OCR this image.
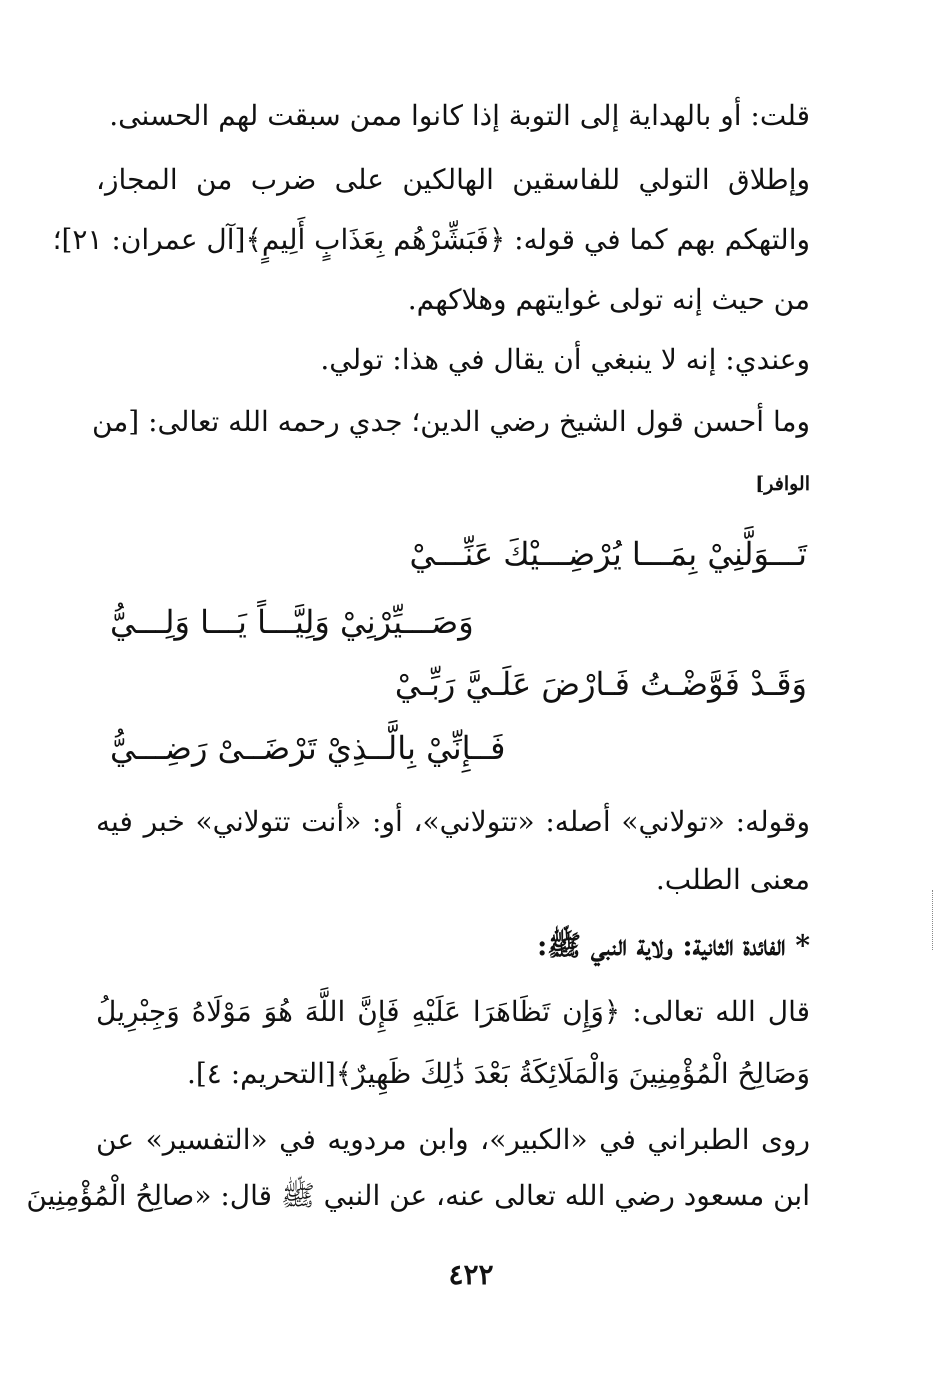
قلت: أو بالهداية إلى التوبة إذا كانوا ممن سبقت لهم الحسنى.
وإطلاق التولي للفاسقين الهالكين على ضرب من المجاز،
والتهكم بهم كما في قوله: ﴿فَبَشِّرْهُم بِعَذَابٍ أَلِيمٍ﴾[آل عمران: ٢١]؛
من حيث إنه تولى غوايتهم وهلاكهم.
وعندي: إنه لا ينبغي أن يقال في هذا: تولي.
وما أحسن قول الشيخ رضي الدين؛ جدي رحمه الله تعالى: [من
الوافر]
تَـــوَلَّنِيْ بِمَـــا يُرْضِـــيْكَ عَنِّـــيْ
وَصَـــيِّرْنِيْ وَلِيَّـــاً يَـــا وَلِـــيُّ
وَقَـدْ فَوَّضْـتُ فَـارْضَ عَلَـيَّ رَبِّـيْ
فَــإِنِّيْ بِالَّــذِيْ تَرْضَــىْ رَضِـــيُّ
وقوله: «تولاني» أصله: «تتولاني»، أو: «أنت تتولاني» خبر فيه
معنى الطلب.
* الفائدة الثانية: ولاية النبي ﷺ:
قال الله تعالى: ﴿وَإِن تَظَاهَرَا عَلَيْهِ فَإِنَّ اللَّهَ هُوَ مَوْلَاهُ وَجِبْرِيلُ
وَصَالِحُ الْمُؤْمِنِينَ وَالْمَلَائِكَةُ بَعْدَ ذَٰلِكَ ظَهِيرٌ﴾[التحريم: ٤].
روى الطبراني في «الكبير»، وابن مردويه في «التفسير» عن
ابن مسعود رضي الله تعالى عنه، عن النبي ﷺ قال: «صالِحُ الْمُؤْمِنِينَ
٤٢٢
